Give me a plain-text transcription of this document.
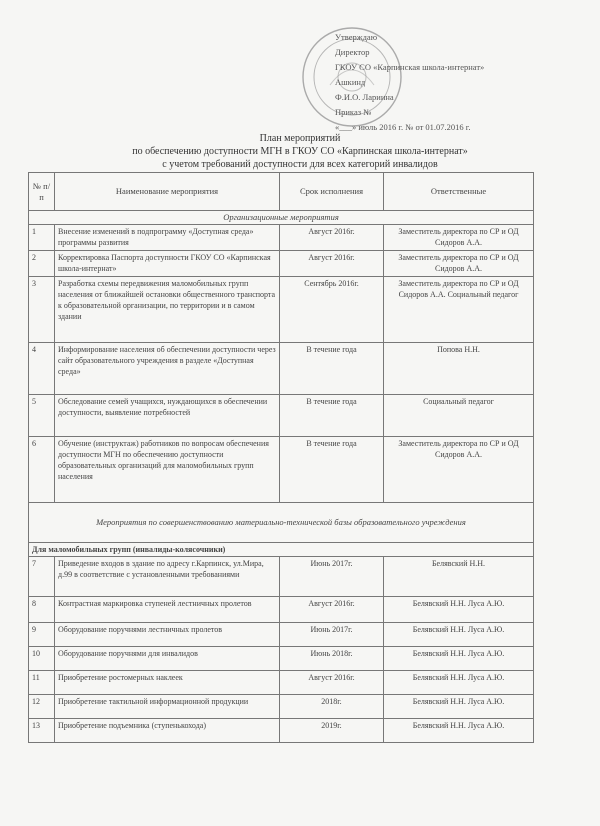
Утверждаю
Директор
ГКОУ СО «Карпинская школа-интернат»
Ашкинд
Ф.И.О. Лариина
Приказ №
«___» июль 2016 г. № от 01.07.2016 г.
План мероприятий
по обеспечению доступности МГН в ГКОУ СО «Карпинская школа-интернат»
с учетом требований доступности для всех категорий инвалидов
№ п/п	Наименование мероприятия	Срок исполнения	Ответственные
Организационные мероприятия			
1	Внесение изменений в подпрограмму «Доступная среда» программы развития	Август 2016г.	Заместитель директора по СР и ОД Сидоров А.А.
2	Корректировка Паспорта доступности ГКОУ СО «Карпинская школа-интернат»	Август 2016г.	Заместитель директора по СР и ОД Сидоров А.А.
3	Разработка схемы передвижения маломобильных групп населения от ближайшей остановки общественного транспорта к образовательной организации, по территории и в самом здании	Сентябрь 2016г.	Заместитель директора по СР и ОД Сидоров А.А. Социальный педагог
4	Информирование населения об обеспечении доступности через сайт образовательного учреждения в разделе «Доступная среда»	В течение года	Попова Н.Н.
5	Обследование семей учащихся, нуждающихся в обеспечении доступности, выявление потребностей	В течение года	Социальный педагог
6	Обучение (инструктаж) работников по вопросам обеспечения доступности МГН по обеспечению доступности образовательных организаций для маломобильных групп населения	В течение года	Заместитель директора по СР и ОД Сидоров А.А.
Мероприятия по совершенствованию материально-технической базы образовательного учреждения			
Для маломобильных групп (инвалиды-колясочники)			
7	Приведение входов в здание по адресу г.Карпинск, ул.Мира, д.99 в соответствие с установленными требованиями	Июнь 2017г.	Белявский Н.Н.
8	Контрастная маркировка ступеней лестничных пролетов	Август 2016г.	Белявский Н.Н. Луса А.Ю.
9	Оборудование поручнями лестничных пролетов	Июнь 2017г.	Белявский Н.Н. Луса А.Ю.
10	Оборудование поручнями для инвалидов	Июнь 2018г.	Белявский Н.Н. Луса А.Ю.
11	Приобретение ростомерных наклеек	Август 2016г.	Белявский Н.Н. Луса А.Ю.
12	Приобретение тактильной информационной продукции	2018г.	Белявский Н.Н. Луса А.Ю.
13	Приобретение подъемника (ступенькохода)	2019г.	Белявский Н.Н. Луса А.Ю.
